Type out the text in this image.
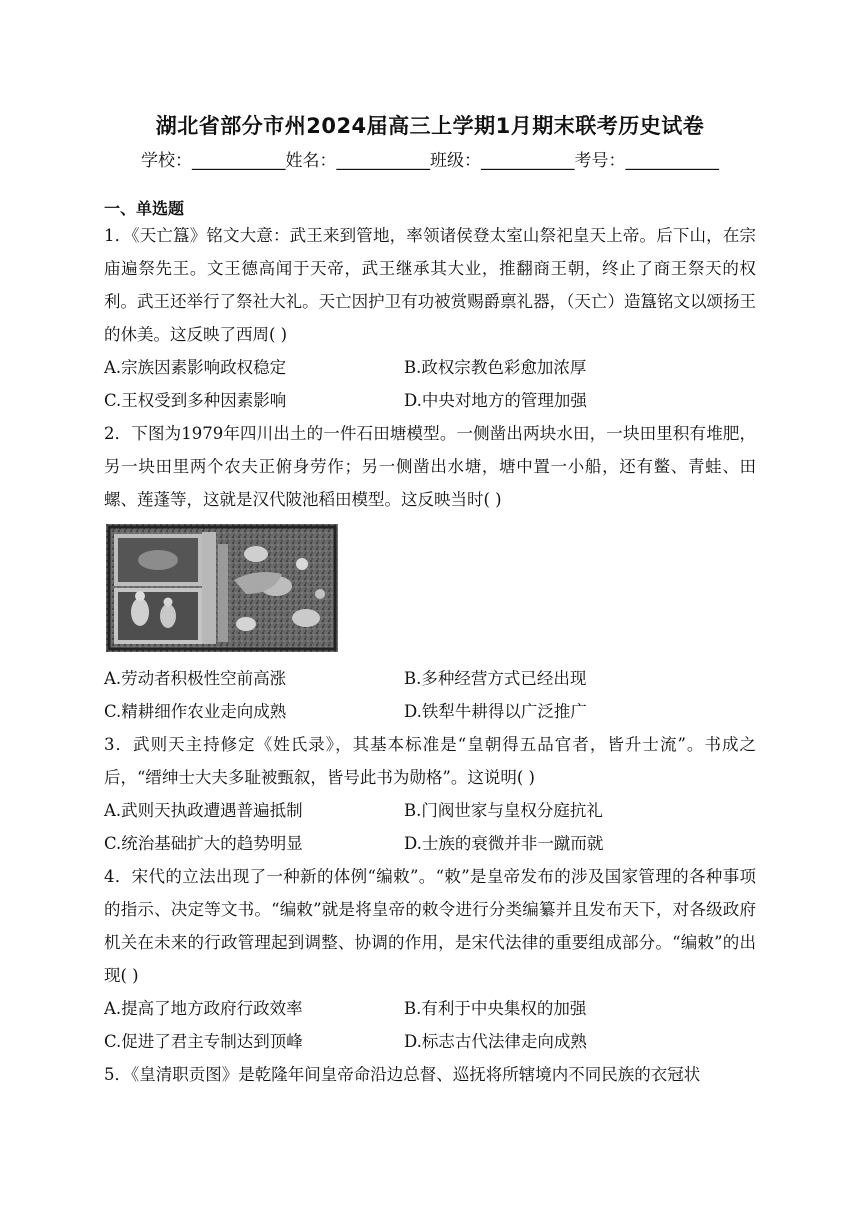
湖北省部分市州2024届高三上学期1月期末联考历史试卷
学校：___________姓名：___________班级：___________考号：___________
一、单选题

1．《天亡簋》铭文大意：武王来到管地，率领诸侯登太室山祭祀皇天上帝。后下山，在宗庙遍祭先王。文王德高闻于天帝，武王继承其大业，推翻商王朝，终止了商王祭天的权利。武王还举行了祭社大礼。天亡因护卫有功被赏赐爵禀礼器，（天亡）造簋铭文以颂扬王的休美。这反映了西周( )

A.宗族因素影响政权稳定	B.政权宗教色彩愈加浓厚
C.王权受到多种因素影响	D.中央对地方的管理加强

2．下图为1979年四川出土的一件石田塘模型。一侧凿出两块水田，一块田里积有堆肥，另一块田里两个农夫正俯身劳作；另一侧凿出水塘，塘中置一小船，还有鳖、青蛙、田螺、莲蓬等，这就是汉代陂池稻田模型。这反映当时( )

A.劳动者积极性空前高涨	B.多种经营方式已经出现
C.精耕细作农业走向成熟	D.铁犁牛耕得以广泛推广

3．武则天主持修定《姓氏录》，其基本标准是“皇朝得五品官者，皆升士流”。书成之后，“缙绅士大夫多耻被甄叙，皆号此书为勋格”。这说明( )

A.武则天执政遭遇普遍抵制	B.门阀世家与皇权分庭抗礼
C.统治基础扩大的趋势明显	D.士族的衰微并非一蹴而就

4．宋代的立法出现了一种新的体例“编敕”。“敕”是皇帝发布的涉及国家管理的各种事项的指示、决定等文书。“编敕”就是将皇帝的敕令进行分类编纂并且发布天下，对各级政府机关在未来的行政管理起到调整、协调的作用，是宋代法律的重要组成部分。“编敕”的出现( )

A.提高了地方政府行政效率	B.有利于中央集权的加强
C.促进了君主专制达到顶峰	D.标志古代法律走向成熟

5．《皇清职贡图》是乾隆年间皇帝命沿边总督、巡抚将所辖境内不同民族的衣冠状
